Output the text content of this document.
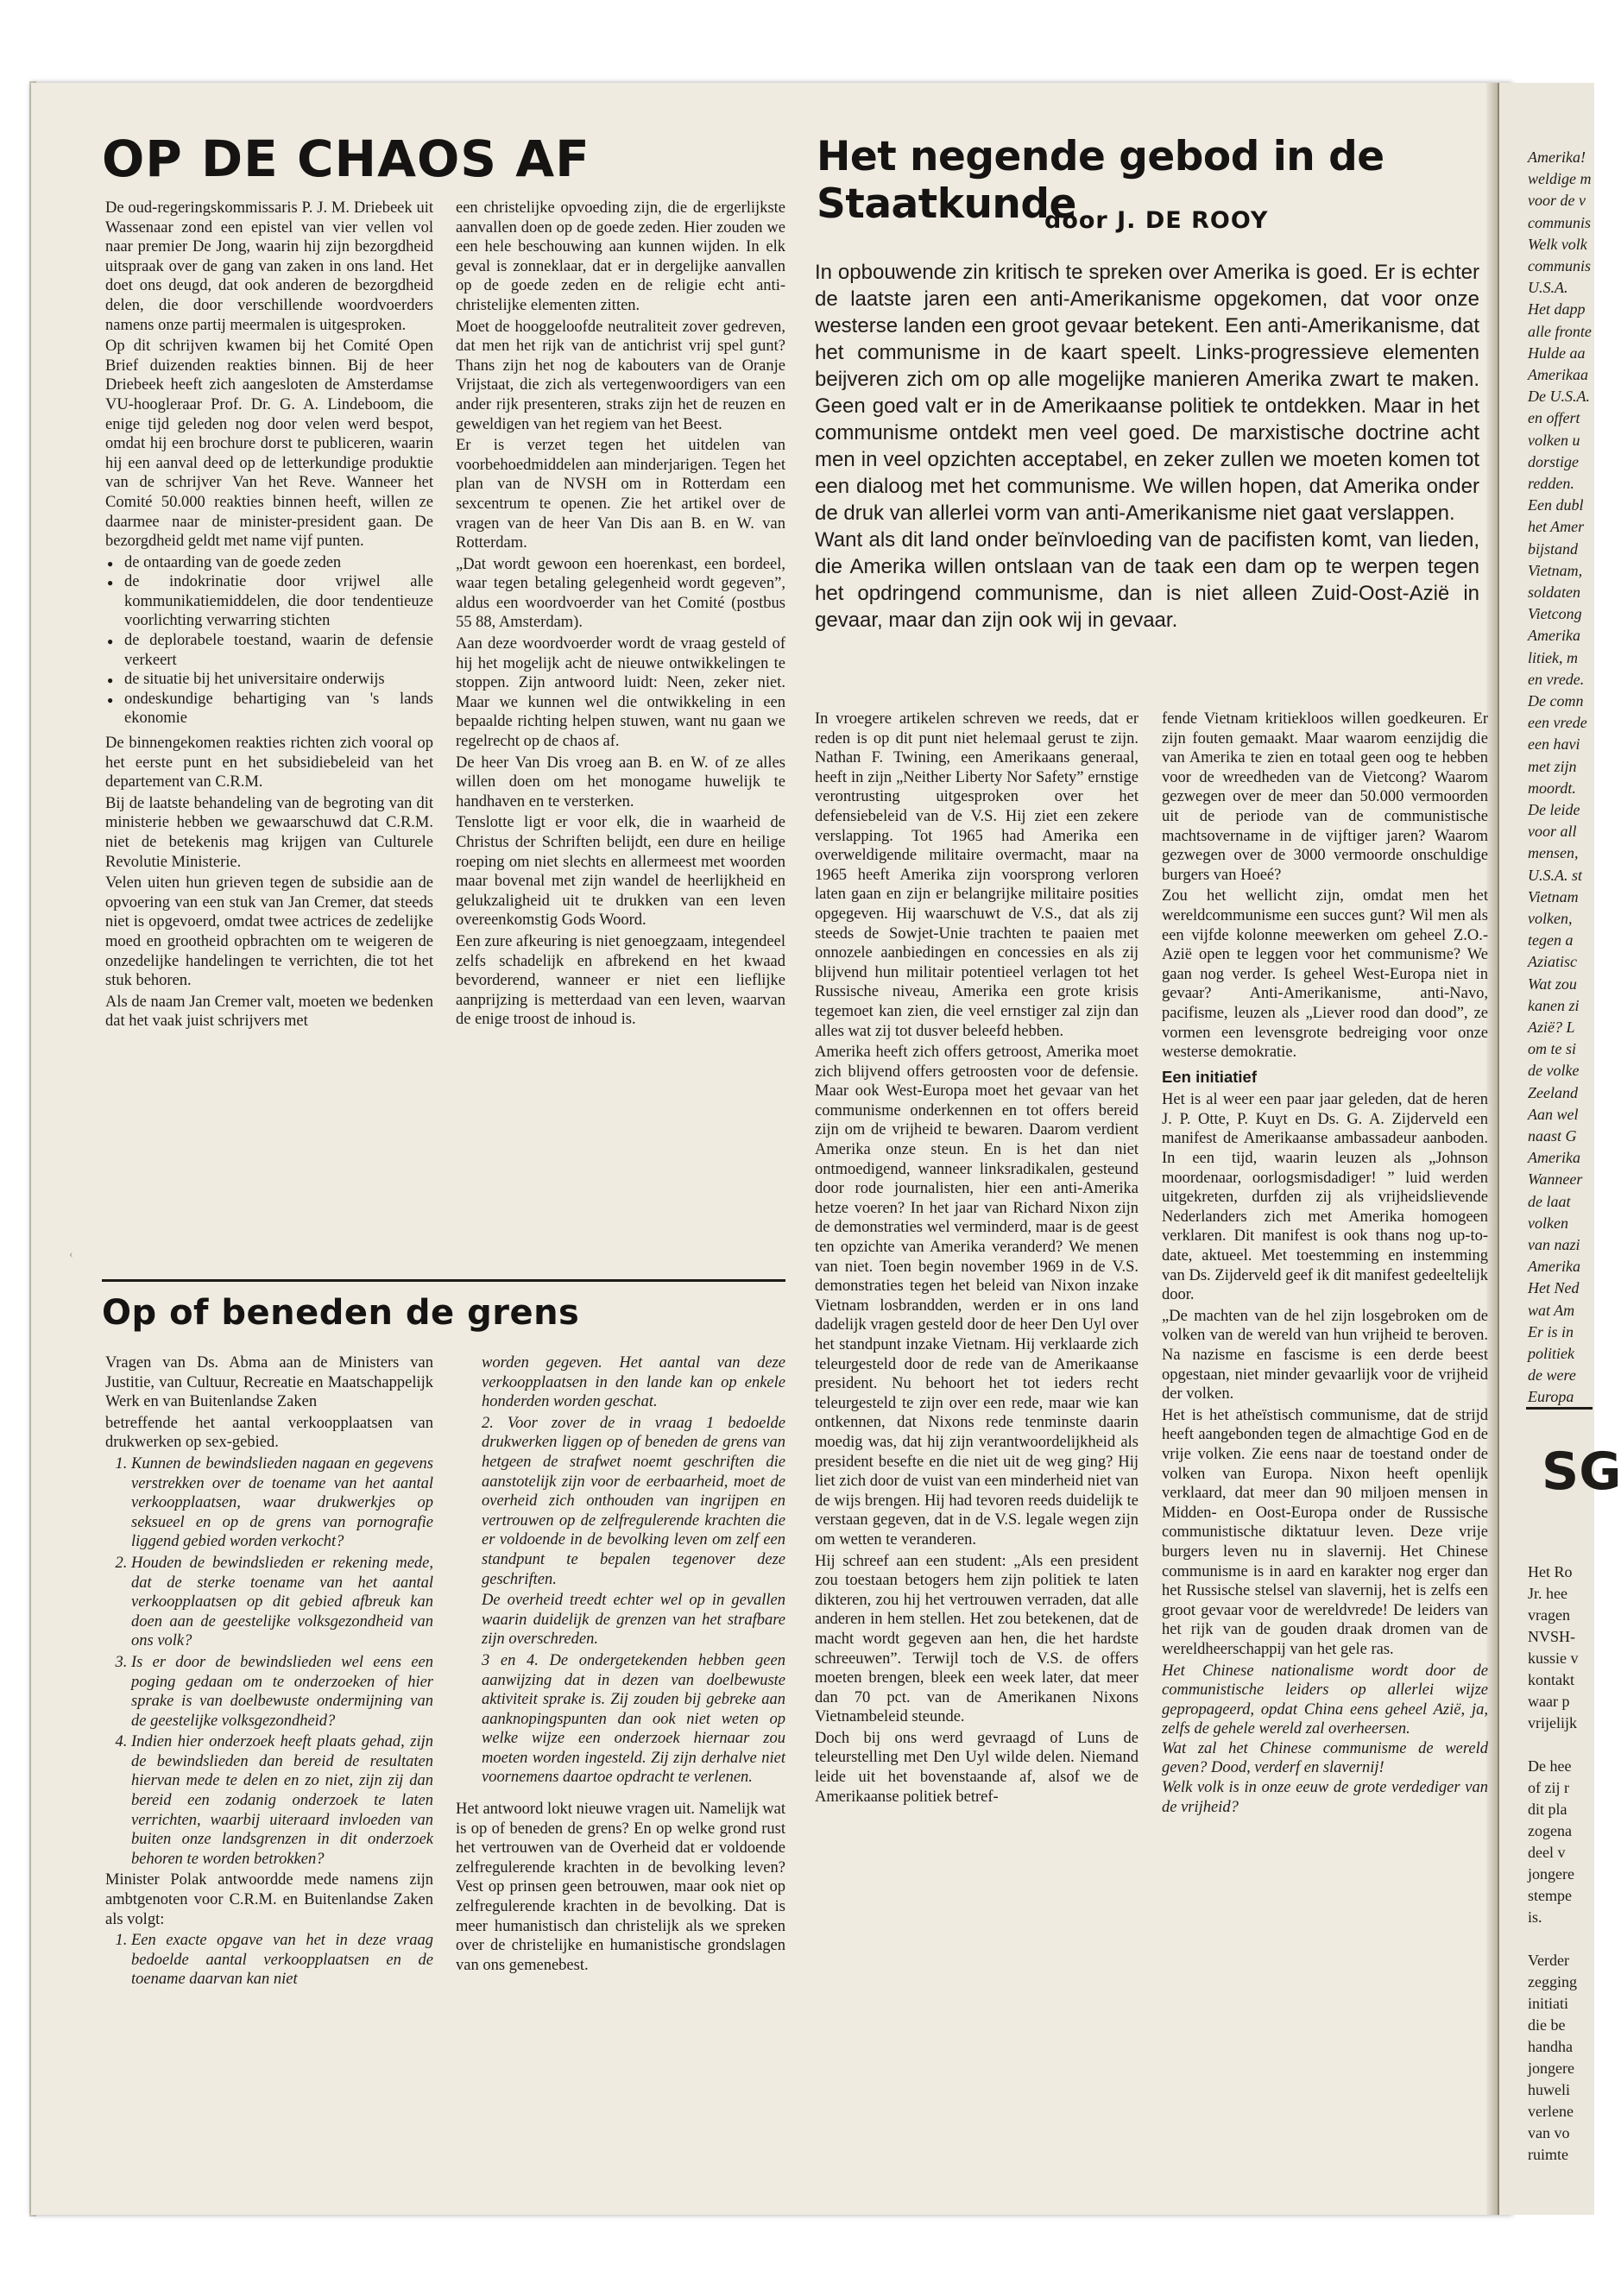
‹
OP DE CHAOS AF

De oud-regeringskommissaris P. J. M. Driebeek uit Wassenaar zond een epistel van vier vellen vol naar premier De Jong, waarin hij zijn bezorgdheid uitspraak over de gang van zaken in ons land. Het doet ons deugd, dat ook anderen de bezorgdheid delen, die door verschillende woordvoerders namens onze partij meermalen is uitgesproken.

Op dit schrijven kwamen bij het Comité Open Brief duizenden reakties binnen. Bij de heer Driebeek heeft zich aangesloten de Amsterdamse VU-hoogleraar Prof. Dr. G. A. Lindeboom, die enige tijd geleden nog door velen werd bespot, omdat hij een brochure dorst te publiceren, waarin hij een aanval deed op de letterkundige produktie van de schrijver Van het Reve. Wanneer het Comité 50.000 reakties binnen heeft, willen ze daarmee naar de minister-president gaan. De bezorgdheid geldt met name vijf punten.

● de ontaarding van de goede zeden
● de indokrinatie door vrijwel alle kommunikatiemiddelen, die door tendentieuze voorlichting verwarring stichten
● de deplorabele toestand, waarin de defensie verkeert
● de situatie bij het universitaire onderwijs
● ondeskundige behartiging van 's lands ekonomie

De binnengekomen reakties richten zich vooral op het eerste punt en het subsidiebeleid van het departement van C.R.M.

Bij de laatste behandeling van de begroting van dit ministerie hebben we gewaarschuwd dat C.R.M. niet de betekenis mag krijgen van Culturele Revolutie Ministerie.

Velen uiten hun grieven tegen de subsidie aan de opvoering van een stuk van Jan Cremer, dat steeds niet is opgevoerd, omdat twee actrices de zedelijke moed en grootheid opbrachten om te weigeren de onzedelijke handelingen te verrichten, die tot het stuk behoren.

Als de naam Jan Cremer valt, moeten we bedenken dat het vaak juist schrijvers met

een christelijke opvoeding zijn, die de ergerlijkste aanvallen doen op de goede zeden. Hier zouden we een hele beschouwing aan kunnen wijden. In elk geval is zonneklaar, dat er in dergelijke aanvallen op de goede zeden en de religie echt anti-christelijke elementen zitten.

Moet de hooggeloofde neutraliteit zover gedreven, dat men het rijk van de antichrist vrij spel gunt? Thans zijn het nog de kabouters van de Oranje Vrijstaat, die zich als vertegenwoordigers van een ander rijk presenteren, straks zijn het de reuzen en geweldigen van het regiem van het Beest.

Er is verzet tegen het uitdelen van voorbehoedmiddelen aan minderjarigen. Tegen het plan van de NVSH om in Rotterdam een sexcentrum te openen. Zie het artikel over de vragen van de heer Van Dis aan B. en W. van Rotterdam.

„Dat wordt gewoon een hoerenkast, een bordeel, waar tegen betaling gelegenheid wordt gegeven”, aldus een woordvoerder van het Comité (postbus 55 88, Amsterdam).

Aan deze woordvoerder wordt de vraag gesteld of hij het mogelijk acht de nieuwe ontwikkelingen te stoppen. Zijn antwoord luidt: Neen, zeker niet. Maar we kunnen wel die ontwikkeling in een bepaalde richting helpen stuwen, want nu gaan we regelrecht op de chaos af.

De heer Van Dis vroeg aan B. en W. of ze alles willen doen om het monogame huwelijk te handhaven en te versterken.

Tenslotte ligt er voor elk, die in waarheid de Christus der Schriften belijdt, een dure en heilige roeping om niet slechts en allermeest met woorden maar bovenal met zijn wandel de heerlijkheid en gelukzaligheid uit te drukken van een leven overeenkomstig Gods Woord.

Een zure afkeuring is niet genoegzaam, integendeel zelfs schadelijk en afbrekend en het kwaad bevorderend, wanneer er niet een lieflijke aanprijzing is metterdaad van een leven, waarvan de enige troost de inhoud is.

Op of beneden de grens

Vragen van Ds. Abma aan de Ministers van Justitie, van Cultuur, Recreatie en Maatschappelijk Werk en van Buitenlandse Zaken

betreffende het aantal verkoopplaatsen van drukwerken op sex-gebied.

1. Kunnen de bewindslieden nagaan en gegevens verstrekken over de toename van het aantal verkoopplaatsen, waar drukwerkjes op seksueel en op de grens van pornografie liggend gebied worden verkocht?
2. Houden de bewindslieden er rekening mede, dat de sterke toename van het aantal verkoopplaatsen op dit gebied afbreuk kan doen aan de geestelijke volksgezondheid van ons volk?
3. Is er door de bewindslieden wel eens een poging gedaan om te onderzoeken of hier sprake is van doelbewuste ondermijning van de geestelijke volksgezondheid?
4. Indien hier onderzoek heeft plaats gehad, zijn de bewindslieden dan bereid de resultaten hiervan mede te delen en zo niet, zijn zij dan bereid een zodanig onderzoek te laten verrichten, waarbij uiteraard invloeden van buiten onze landsgrenzen in dit onderzoek behoren te worden betrokken?

Minister Polak antwoordde mede namens zijn ambtgenoten voor C.R.M. en Buitenlandse Zaken als volgt:

1. Een exacte opgave van het in deze vraag bedoelde aantal verkoopplaatsen en de toename daarvan kan niet

worden gegeven. Het aantal van deze verkoopplaatsen in den lande kan op enkele honderden worden geschat.

2. Voor zover de in vraag 1 bedoelde drukwerken liggen op of beneden de grens van hetgeen de strafwet noemt geschriften die aanstotelijk zijn voor de eerbaarheid, moet de overheid zich onthouden van ingrijpen en vertrouwen op de zelfregulerende krachten die er voldoende in de bevolking leven om zelf een standpunt te bepalen tegenover deze geschriften.

De overheid treedt echter wel op in gevallen waarin duidelijk de grenzen van het strafbare zijn overschreden.

3 en 4. De ondergetekenden hebben geen aanwijzing dat in dezen van doelbewuste aktiviteit sprake is. Zij zouden bij gebreke aan aanknopingspunten dan ook niet weten op welke wijze een onderzoek hiernaar zou moeten worden ingesteld. Zij zijn derhalve niet voornemens daartoe opdracht te verlenen.

Het antwoord lokt nieuwe vragen uit. Namelijk wat is op of beneden de grens? En op welke grond rust het vertrouwen van de Overheid dat er voldoende zelfregulerende krachten in de bevolking leven? Vest op prinsen geen betrouwen, maar ook niet op zelfregulerende krachten in de bevolking. Dat is meer humanistisch dan christelijk als we spreken over de christelijke en humanistische grondslagen van ons gemenebest.

Het negende gebod in de Staatkunde
door J. DE ROOY

In opbouwende zin kritisch te spreken over Amerika is goed. Er is echter de laatste jaren een anti-Amerikanisme opgekomen, dat voor onze westerse landen een groot gevaar betekent. Een anti-Amerikanisme, dat het communisme in de kaart speelt. Links-progressieve elementen beijveren zich om op alle mogelijke manieren Amerika zwart te maken. Geen goed valt er in de Amerikaanse politiek te ontdekken. Maar in het communisme ontdekt men veel goed. De marxistische doctrine acht men in veel opzichten acceptabel, en zeker zullen we moeten komen tot een dialoog met het communisme. We willen hopen, dat Amerika onder de druk van allerlei vorm van anti-Amerikanisme niet gaat verslappen.

Want als dit land onder beïnvloeding van de pacifisten komt, van lieden, die Amerika willen ontslaan van de taak een dam op te werpen tegen het opdringend communisme, dan is niet alleen Zuid-Oost-Azië in gevaar, maar dan zijn ook wij in gevaar.

In vroegere artikelen schreven we reeds, dat er reden is op dit punt niet helemaal gerust te zijn. Nathan F. Twining, een Amerikaans generaal, heeft in zijn „Neither Liberty Nor Safety” ernstige verontrusting uitgesproken over het defensiebeleid van de V.S. Hij ziet een zekere verslapping. Tot 1965 had Amerika een overweldigende militaire overmacht, maar na 1965 heeft Amerika zijn voorsprong verloren laten gaan en zijn er belangrijke militaire posities opgegeven. Hij waarschuwt de V.S., dat als zij steeds de Sowjet-Unie trachten te paaien met onnozele aanbiedingen en concessies en als zij blijvend hun militair potentieel verlagen tot het Russische niveau, Amerika een grote krisis tegemoet kan zien, die veel ernstiger zal zijn dan alles wat zij tot dusver beleefd hebben.

Amerika heeft zich offers getroost, Amerika moet zich blijvend offers getroosten voor de defensie. Maar ook West-Europa moet het gevaar van het communisme onderkennen en tot offers bereid zijn om de vrijheid te bewaren. Daarom verdient Amerika onze steun. En is het dan niet ontmoedigend, wanneer linksradikalen, gesteund door rode journalisten, hier een anti-Amerika hetze voeren? In het jaar van Richard Nixon zijn de demonstraties wel verminderd, maar is de geest ten opzichte van Amerika veranderd? We menen van niet. Toen begin november 1969 in de V.S. demonstraties tegen het beleid van Nixon inzake Vietnam losbrandden, werden er in ons land dadelijk vragen gesteld door de heer Den Uyl over het standpunt inzake Vietnam. Hij verklaarde zich teleurgesteld door de rede van de Amerikaanse president. Nu behoort het tot ieders recht teleurgesteld te zijn over een rede, maar wie kan ontkennen, dat Nixons rede tenminste daarin moedig was, dat hij zijn verantwoordelijkheid als president besefte en die niet uit de weg ging? Hij liet zich door de vuist van een minderheid niet van de wijs brengen. Hij had tevoren reeds duidelijk te verstaan gegeven, dat in de V.S. legale wegen zijn om wetten te veranderen.

Hij schreef aan een student: „Als een president zou toestaan betogers hem zijn politiek te laten dikteren, zou hij het vertrouwen verraden, dat alle anderen in hem stellen. Het zou betekenen, dat de macht wordt gegeven aan hen, die het hardste schreeuwen”. Terwijl toch de V.S. de offers moeten brengen, bleek een week later, dat meer dan 70 pct. van de Amerikanen Nixons Vietnambeleid steunde.

Doch bij ons werd gevraagd of Luns de teleurstelling met Den Uyl wilde delen. Niemand leide uit het bovenstaande af, alsof we de Amerikaanse politiek betref-

fende Vietnam kritiekloos willen goedkeuren. Er zijn fouten gemaakt. Maar waarom eenzijdig die van Amerika te zien en totaal geen oog te hebben voor de wreedheden van de Vietcong? Waarom gezwegen over de meer dan 50.000 vermoorden uit de periode van de communistische machtsovername in de vijftiger jaren? Waarom gezwegen over de 3000 vermoorde onschuldige burgers van Hoeé?

Zou het wellicht zijn, omdat men het wereldcommunisme een succes gunt? Wil men als een vijfde kolonne meewerken om geheel Z.O.-Azië open te leggen voor het communisme? We gaan nog verder. Is geheel West-Europa niet in gevaar? Anti-Amerikanisme, anti-Navo, pacifisme, leuzen als „Liever rood dan dood”, ze vormen een levensgrote bedreiging voor onze westerse demokratie.

Een initiatief

Het is al weer een paar jaar geleden, dat de heren J. P. Otte, P. Kuyt en Ds. G. A. Zijderveld een manifest de Amerikaanse ambassadeur aanboden. In een tijd, waarin leuzen als „Johnson moordenaar, oorlogsmisdadiger! ” luid werden uitgekreten, durfden zij als vrijheidslievende Nederlanders zich met Amerika homogeen verklaren. Dit manifest is ook thans nog up-to-date, aktueel. Met toestemming en instemming van Ds. Zijderveld geef ik dit manifest gedeeltelijk door.

„De machten van de hel zijn losgebroken om de volken van de wereld van hun vrijheid te beroven. Na nazisme en fascisme is een derde beest opgestaan, niet minder gevaarlijk voor de vrijheid der volken.

Het is het atheïstisch communisme, dat de strijd heeft aangebonden tegen de almachtige God en de vrije volken. Zie eens naar de toestand onder de volken van Europa. Nixon heeft openlijk verklaard, dat meer dan 90 miljoen mensen in Midden- en Oost-Europa onder de Russische communistische diktatuur leven. Deze vrije burgers leven nu in slavernij. Het Chinese communisme is in aard en karakter nog erger dan het Russische stelsel van slavernij, het is zelfs een groot gevaar voor de wereldvrede! De leiders van het rijk van de gouden draak dromen van de wereldheerschappij van het gele ras.

Het Chinese nationalisme wordt door de communistische leiders op allerlei wijze gepropageerd, opdat China eens geheel Azië, ja, zelfs de gehele wereld zal overheersen.
Wat zal het Chinese communisme de wereld geven? Dood, verderf en slavernij!
Welk volk is in onze eeuw de grote verdediger van de vrijheid?

Amerika!
weldige m
voor de v
communis
Welk volk
communis
U.S.A.
Het dapp
alle fronte
Hulde aa
Amerikaa
De U.S.A.
en offert
volken u
dorstige
redden.
Een dubl
het Amer
bijstand
Vietnam,
soldaten
Vietcong
Amerika
litiek, m
en vrede.
De comn
een vrede
een havi
met zijn
moordt.
De leide
voor all
mensen,
U.S.A. st
Vietnam
volken,
tegen a
Aziatisc
Wat zou
kanen zi
Azië? L
om te si
de volke
Zeeland
Aan wel
naast G
Amerika
Wanneer
de laat
volken
van nazi
Amerika
Het Ned
wat Am
Er is in
politiek
de were
Europa
SG
Het Ro
Jr. hee
vragen
NVSH-
kussie v
kontakt
waar p
vrijelijk
De hee
of zij r
dit pla
zogena
deel v
jongere
stempe
is.
Verder
zegging
initiati
die be
handha
jongere
huweli
verlene
van vo
ruimte
